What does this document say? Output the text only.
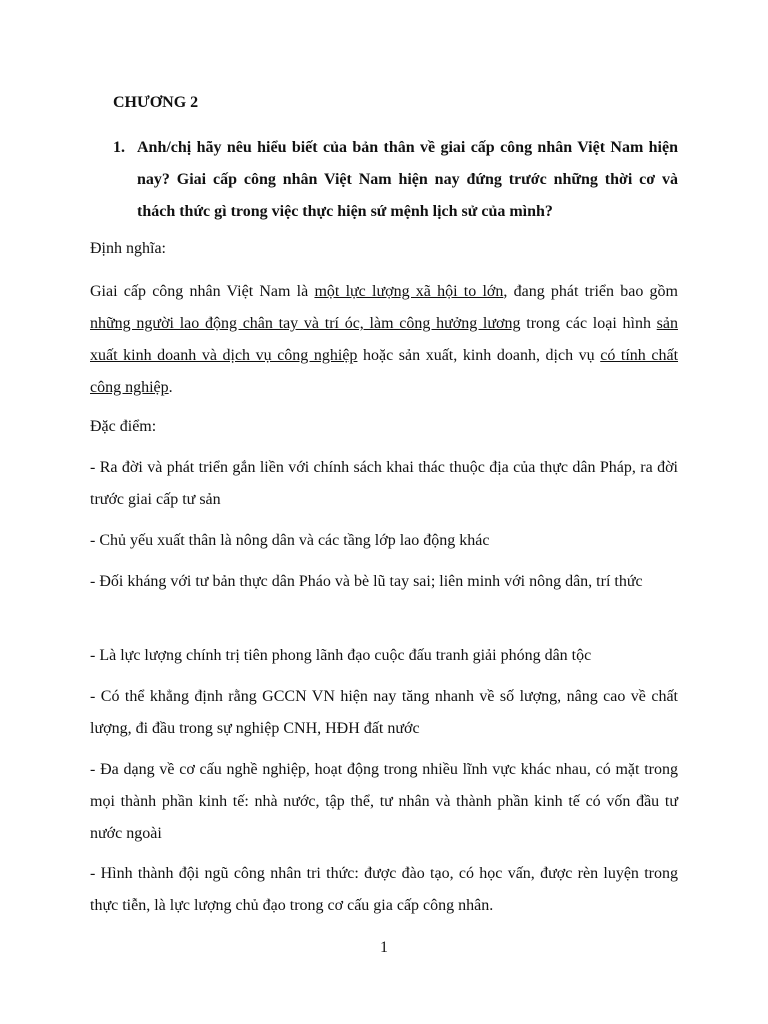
CHƯƠNG 2
1. Anh/chị hãy nêu hiểu biết của bản thân về giai cấp công nhân Việt Nam hiện nay? Giai cấp công nhân Việt Nam hiện nay đứng trước những thời cơ và thách thức gì trong việc thực hiện sứ mệnh lịch sử của mình?
Định nghĩa:
Giai cấp công nhân Việt Nam là một lực lượng xã hội to lớn, đang phát triển bao gồm những người lao động chân tay và trí óc, làm công hưởng lương trong các loại hình sản xuất kinh doanh và dịch vụ công nghiệp hoặc sản xuất, kinh doanh, dịch vụ có tính chất công nghiệp.
Đặc điểm:
- Ra đời và phát triển gắn liền với chính sách khai thác thuộc địa của thực dân Pháp, ra đời trước giai cấp tư sản
- Chủ yếu xuất thân là nông dân và các tầng lớp lao động khác
- Đối kháng với tư bản thực dân Pháo và bè lũ tay sai; liên minh với nông dân, trí thức
- Là lực lượng chính trị tiên phong lãnh đạo cuộc đấu tranh giải phóng dân tộc
- Có thể khẳng định rằng GCCN VN hiện nay tăng nhanh về số lượng, nâng cao về chất lượng, đi đầu trong sự nghiệp CNH, HĐH đất nước
- Đa dạng về cơ cấu nghề nghiệp, hoạt động trong nhiều lĩnh vực khác nhau, có mặt trong mọi thành phần kinh tế: nhà nước, tập thể, tư nhân và thành phần kinh tế có vốn đầu tư nước ngoài
- Hình thành đội ngũ công nhân tri thức: được đào tạo, có học vấn, được rèn luyện trong thực tiễn, là lực lượng chủ đạo trong cơ cấu gia cấp công nhân.
1
